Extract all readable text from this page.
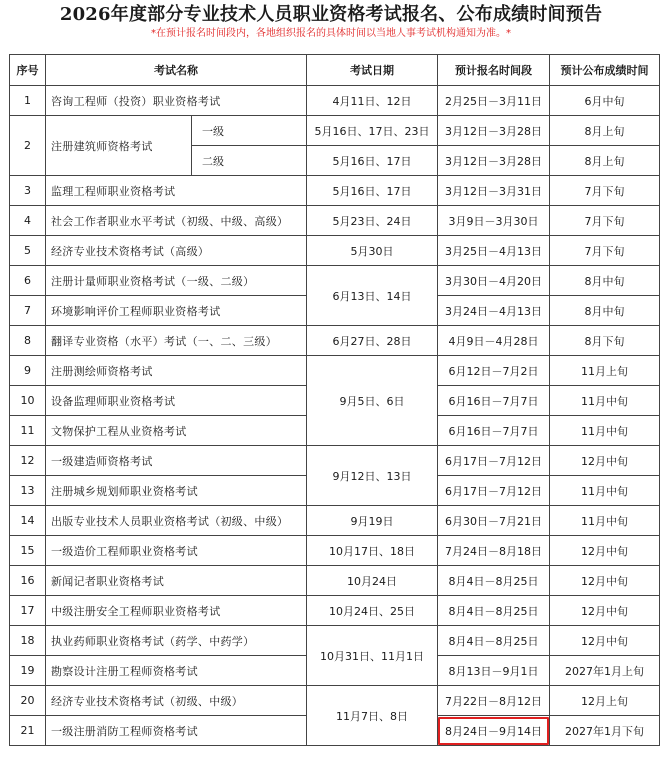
2026年度部分专业技术人员职业资格考试报名、公布成绩时间预告
*在预计报名时间段内，各地组织报名的具体时间以当地人事考试机构通知为准。*
序号	考试名称		考试日期	预计报名时间段	预计公布成绩时间
1	咨询工程师（投资）职业资格考试		4月11日、12日	2月25日－3月11日	6月中旬
2	注册建筑师资格考试	一级	5月16日、17日、23日	3月12日－3月28日	8月上旬
		二级	5月16日、17日	3月12日－3月28日	8月上旬
3	监理工程师职业资格考试		5月16日、17日	3月12日－3月31日	7月下旬
4	社会工作者职业水平考试（初级、中级、高级）		5月23日、24日	3月9日－3月30日	7月下旬
5	经济专业技术资格考试（高级）		5月30日	3月25日－4月13日	7月下旬
6	注册计量师职业资格考试（一级、二级）		6月13日、14日	3月30日－4月20日	8月中旬
7	环境影响评价工程师职业资格考试			3月24日－4月13日	8月中旬
8	翻译专业资格（水平）考试（一、二、三级）		6月27日、28日	4月9日－4月28日	8月下旬
9	注册测绘师资格考试		9月5日、6日	6月12日－7月2日	11月上旬
10	设备监理师职业资格考试			6月16日－7月7日	11月中旬
11	文物保护工程从业资格考试			6月16日－7月7日	11月中旬
12	一级建造师资格考试		9月12日、13日	6月17日－7月12日	12月中旬
13	注册城乡规划师职业资格考试			6月17日－7月12日	11月中旬
14	出版专业技术人员职业资格考试（初级、中级）		9月19日	6月30日－7月21日	11月中旬
15	一级造价工程师职业资格考试		10月17日、18日	7月24日－8月18日	12月中旬
16	新闻记者职业资格考试		10月24日	8月4日－8月25日	12月中旬
17	中级注册安全工程师职业资格考试		10月24日、25日	8月4日－8月25日	12月中旬
18	执业药师职业资格考试（药学、中药学）		10月31日、11月1日	8月4日－8月25日	12月中旬
19	勘察设计注册工程师资格考试			8月13日－9月1日	2027年1月上旬
20	经济专业技术资格考试（初级、中级）		11月7日、8日	7月22日－8月12日	12月上旬
21	一级注册消防工程师资格考试			8月24日－9月14日	2027年1月下旬
